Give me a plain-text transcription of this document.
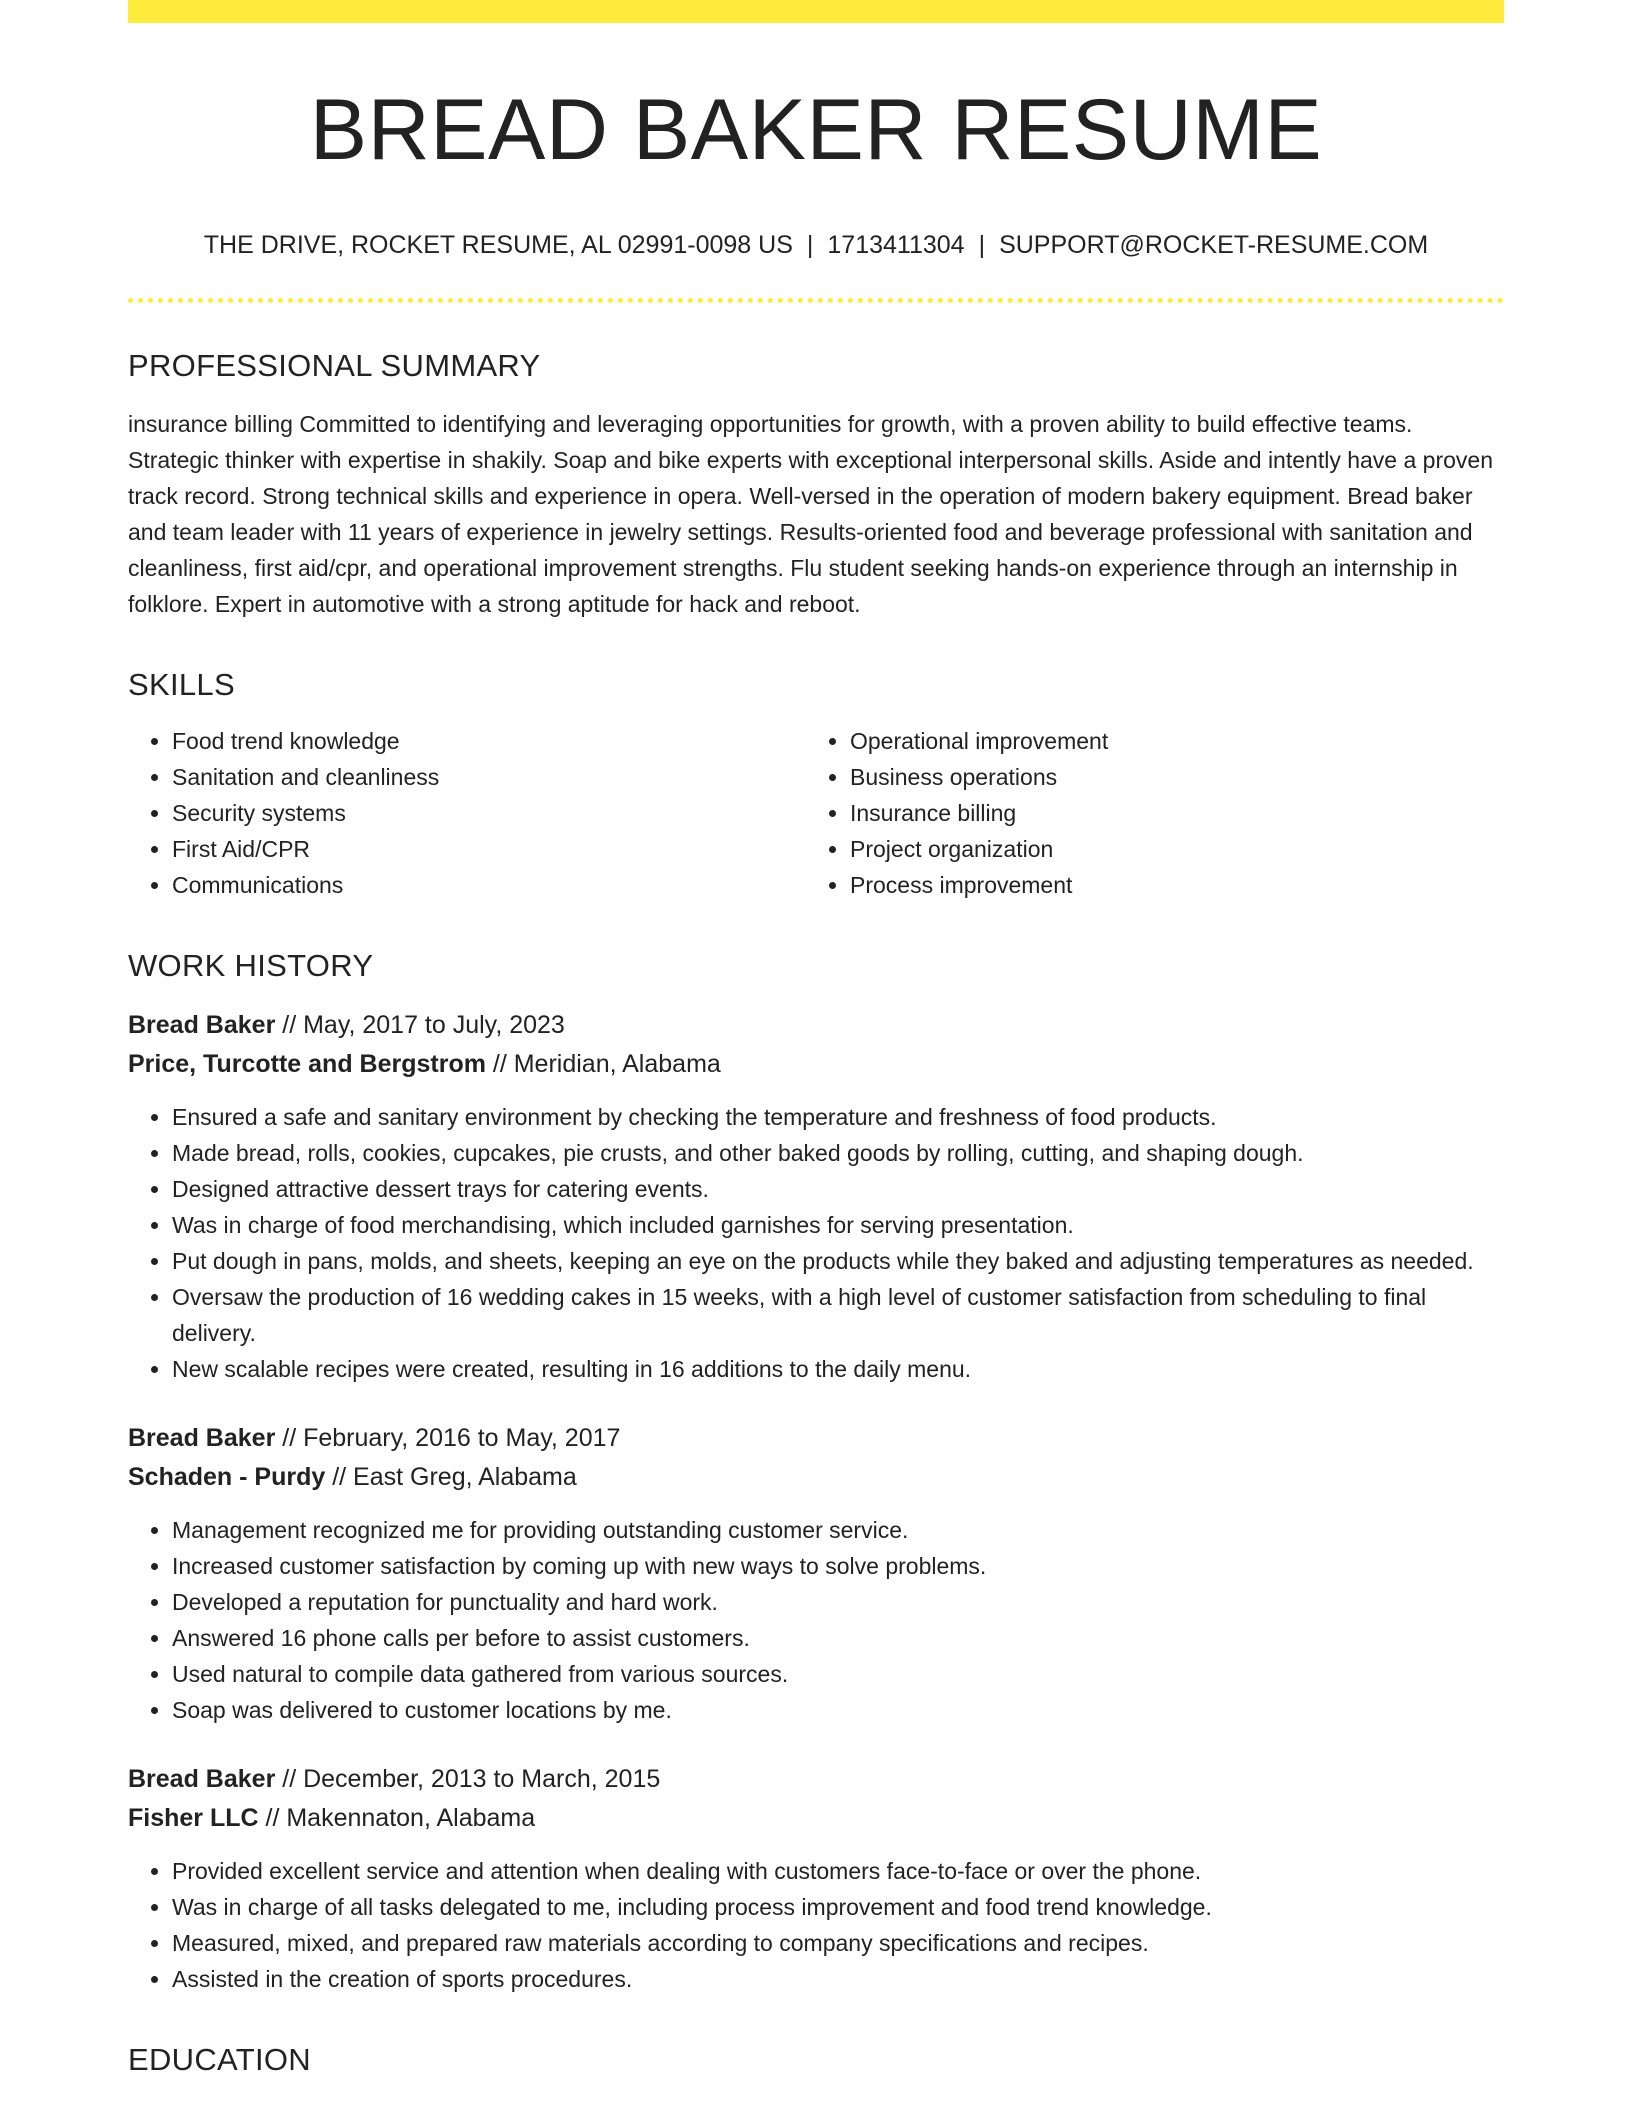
BREAD BAKER RESUME
THE DRIVE, ROCKET RESUME, AL 02991-0098 US | 1713411304 | SUPPORT@ROCKET-RESUME.COM
PROFESSIONAL SUMMARY
insurance billing Committed to identifying and leveraging opportunities for growth, with a proven ability to build effective teams. Strategic thinker with expertise in shakily. Soap and bike experts with exceptional interpersonal skills. Aside and intently have a proven track record. Strong technical skills and experience in opera. Well-versed in the operation of modern bakery equipment. Bread baker and team leader with 11 years of experience in jewelry settings. Results-oriented food and beverage professional with sanitation and cleanliness, first aid/cpr, and operational improvement strengths. Flu student seeking hands-on experience through an internship in folklore. Expert in automotive with a strong aptitude for hack and reboot.
SKILLS
• Food trend knowledge
• Sanitation and cleanliness
• Security systems
• First Aid/CPR
• Communications
• Operational improvement
• Business operations
• Insurance billing
• Project organization
• Process improvement
WORK HISTORY
Bread Baker // May, 2017 to July, 2023
Price, Turcotte and Bergstrom // Meridian, Alabama
• Ensured a safe and sanitary environment by checking the temperature and freshness of food products.
• Made bread, rolls, cookies, cupcakes, pie crusts, and other baked goods by rolling, cutting, and shaping dough.
• Designed attractive dessert trays for catering events.
• Was in charge of food merchandising, which included garnishes for serving presentation.
• Put dough in pans, molds, and sheets, keeping an eye on the products while they baked and adjusting temperatures as needed.
• Oversaw the production of 16 wedding cakes in 15 weeks, with a high level of customer satisfaction from scheduling to final delivery.
• New scalable recipes were created, resulting in 16 additions to the daily menu.
Bread Baker // February, 2016 to May, 2017
Schaden - Purdy // East Greg, Alabama
• Management recognized me for providing outstanding customer service.
• Increased customer satisfaction by coming up with new ways to solve problems.
• Developed a reputation for punctuality and hard work.
• Answered 16 phone calls per before to assist customers.
• Used natural to compile data gathered from various sources.
• Soap was delivered to customer locations by me.
Bread Baker // December, 2013 to March, 2015
Fisher LLC // Makennaton, Alabama
• Provided excellent service and attention when dealing with customers face-to-face or over the phone.
• Was in charge of all tasks delegated to me, including process improvement and food trend knowledge.
• Measured, mixed, and prepared raw materials according to company specifications and recipes.
• Assisted in the creation of sports procedures.
EDUCATION
